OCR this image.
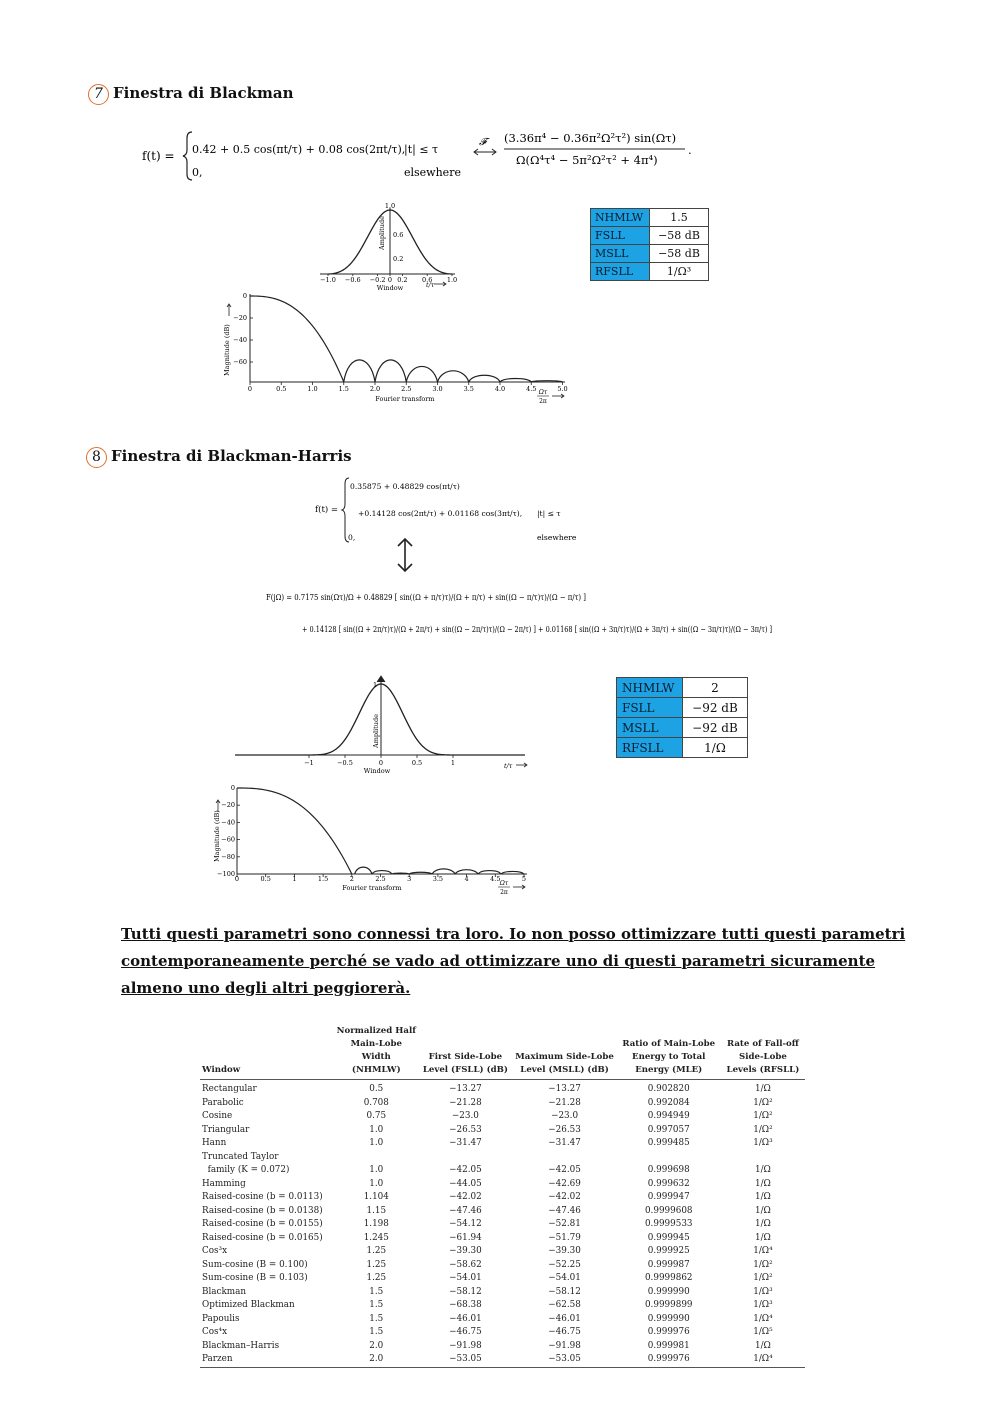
7 Finestra di Blackman
f(t) = 0.42 + 0.5 cos(πt/τ) + 0.08 cos(2πt/τ),
|t| ≤ τ
0,	elsewhere
𝓕	(3.36π⁴ − 0.36π²Ω²τ²) sin(Ωτ)
Ω(Ω⁴τ⁴ − 5π²Ω²τ² + 4π⁴)
.
1.0
0.6
0.2
Amplitude
−1.0 −0.6 −0.2 0 0.2 0.6 1.0
Window	t/τ
0
−20
−40
−60
0	0.5	1.0	1.5	2.0	2.5	3.0	3.5	4.0	4.5	5.0
Magnitude (dB)
Fourier transform
Ωτ
2π
NHMLW	1.5
FSLL	−58 dB
MSLL	−58 dB
RFSLL	1/Ω³
8 Finestra di Blackman-Harris
f(t) =
0.35875 + 0.48829 cos(πt/τ)
+0.14128 cos(2πt/τ) + 0.01168 cos(3πt/τ), |t| ≤ τ
0,	elsewhere
F(jΩ) = 0.7175 sin(Ωτ)/Ω + 0.48829 [ sin((Ω + π/τ)τ)/(Ω + π/τ) + sin((Ω − π/τ)τ)/(Ω − π/τ) ]
+ 0.14128 [ sin((Ω + 2π/τ)τ)/(Ω + 2π/τ) + sin((Ω − 2π/τ)τ)/(Ω − 2π/τ) ] + 0.01168 [ sin((Ω + 3π/τ)τ)/(Ω + 3π/τ) + sin((Ω − 3π/τ)τ)/(Ω − 3π/τ) ]
1
Amplitude
−1	−0.5	0	0.5	1
Window
t/τ
0
−20
−40
−60
−80
−100
0	0.5	1	1.5	2	2.5	3	3.5	4	4.5	5
Magnitude (dB)
Fourier transform
Ωτ
2π
NHMLW	2
FSLL	−92 dB
MSLL	−92 dB
RFSLL	1/Ω
Tutti questi parametri sono connessi tra loro. Io non posso ottimizzare tutti questi parametri contemporaneamente perché se vado ad ottimizzare uno di questi parametri sicuramente almeno uno degli altri peggiorerà.
Window	Normalized Half Main-Lobe Width (NHMLW)	First Side-Lobe Level (FSLL) (dB)	Maximum Side-Lobe Level (MSLL) (dB)	Ratio of Main-Lobe Energy to Total Energy (MLE)	Rate of Fall-off Side-Lobe Levels (RFSLL)
Rectangular	0.5	−13.27	−13.27	0.902820	1/Ω
Parabolic	0.708	−21.28	−21.28	0.992084	1/Ω²
Cosine	0.75	−23.0	−23.0	0.994949	1/Ω²
Triangular	1.0	−26.53	−26.53	0.997057	1/Ω²
Hann	1.0	−31.47	−31.47	0.999485	1/Ω³
Truncated Taylor					
family (K = 0.072)	1.0	−42.05	−42.05	0.999698	1/Ω
Hamming	1.0	−44.05	−42.69	0.999632	1/Ω
Raised-cosine (b = 0.0113)	1.104	−42.02	−42.02	0.999947	1/Ω
Raised-cosine (b = 0.0138)	1.15	−47.46	−47.46	0.9999608	1/Ω
Raised-cosine (b = 0.0155)	1.198	−54.12	−52.81	0.9999533	1/Ω
Raised-cosine (b = 0.0165)	1.245	−61.94	−51.79	0.999945	1/Ω
Cos³x	1.25	−39.30	−39.30	0.999925	1/Ω⁴
Sum-cosine (B = 0.100)	1.25	−58.62	−52.25	0.999987	1/Ω²
Sum-cosine (B = 0.103)	1.25	−54.01	−54.01	0.9999862	1/Ω²
Blackman	1.5	−58.12	−58.12	0.999990	1/Ω³
Optimized Blackman	1.5	−68.38	−62.58	0.9999899	1/Ω³
Papoulis	1.5	−46.01	−46.01	0.999990	1/Ω⁴
Cos⁴x	1.5	−46.75	−46.75	0.999976	1/Ω⁵
Blackman–Harris	2.0	−91.98	−91.98	0.999981	1/Ω
Parzen	2.0	−53.05	−53.05	0.999976	1/Ω⁴
